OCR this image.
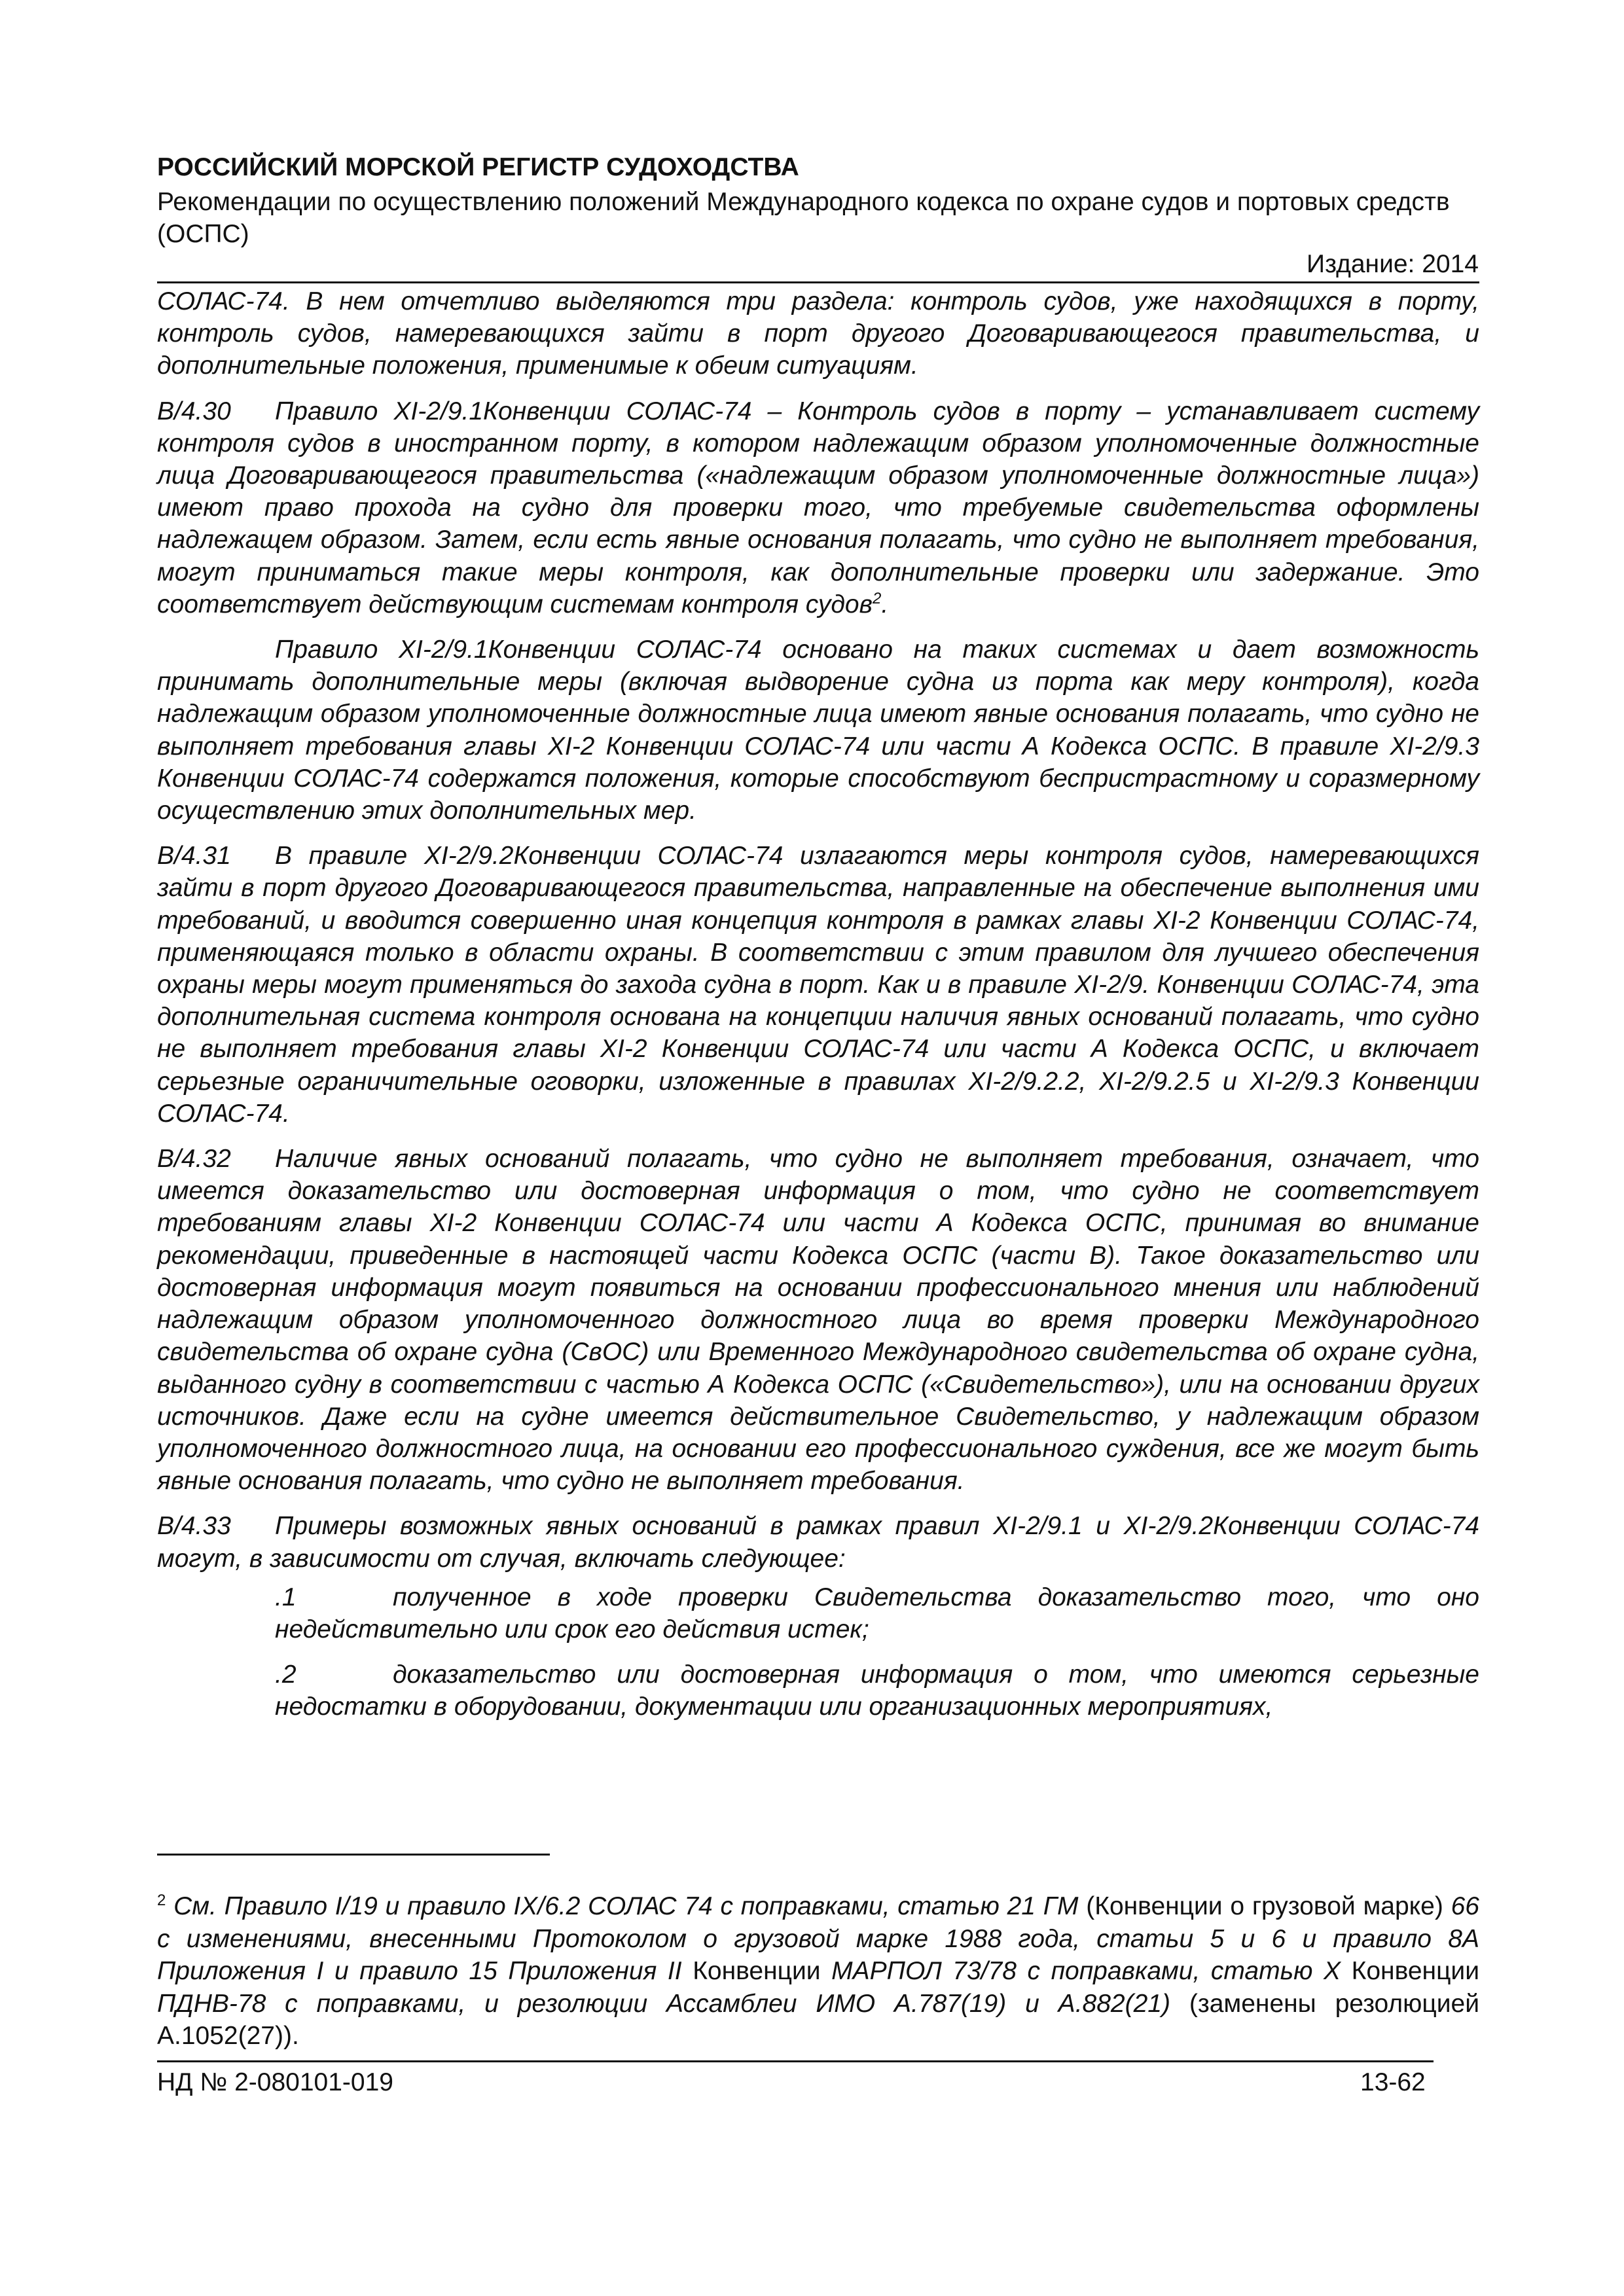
РОССИЙСКИЙ МОРСКОЙ РЕГИСТР СУДОХОДСТВА
Рекомендации по осуществлению положений Международного кодекса по охране судов и портовых средств (ОСПС)
Издание: 2014

СОЛАС-74. В нем отчетливо выделяются три раздела: контроль судов, уже находящихся в порту, контроль судов, намеревающихся зайти в порт другого Договаривающегося правительства, и дополнительные положения, применимые к обеим ситуациям.

B/4.30 Правило XI-2/9.1Конвенции СОЛАС-74 – Контроль судов в порту – устанавливает систему контроля судов в иностранном порту, в котором надлежащим образом уполномоченные должностные лица Договаривающегося правительства («надлежащим образом уполномоченные должностные лица») имеют право прохода на судно для проверки того, что требуемые свидетельства оформлены надлежащем образом. Затем, если есть явные основания полагать, что судно не выполняет требования, могут приниматься такие меры контроля, как дополнительные проверки или задержание. Это соответствует действующим системам контроля судов$^2$.

Правило XI-2/9.1Конвенции СОЛАС-74 основано на таких системах и дает возможность принимать дополнительные меры (включая выдворение судна из порта как меру контроля), когда надлежащим образом уполномоченные должностные лица имеют явные основания полагать, что судно не выполняет требования главы XI-2 Конвенции СОЛАС-74 или части А Кодекса ОСПС. В правиле XI-2/9.3 Конвенции СОЛАС-74 содержатся положения, которые способствуют беспристрастному и соразмерному осуществлению этих дополнительных мер.

B/4.31 В правиле XI-2/9.2Конвенции СОЛАС-74 излагаются меры контроля судов, намеревающихся зайти в порт другого Договаривающегося правительства, направленные на обеспечение выполнения ими требований, и вводится совершенно иная концепция контроля в рамках главы XI-2 Конвенции СОЛАС-74, применяющаяся только в области охраны. В соответствии с этим правилом для лучшего обеспечения охраны меры могут применяться до захода судна в порт. Как и в правиле XI-2/9. Конвенции СОЛАС-74, эта дополнительная система контроля основана на концепции наличия явных оснований полагать, что судно не выполняет требования главы XI-2 Конвенции СОЛАС-74 или части А Кодекса ОСПС, и включает серьезные ограничительные оговорки, изложенные в правилах XI-2/9.2.2, XI-2/9.2.5 и XI-2/9.3 Конвенции СОЛАС-74.

B/4.32 Наличие явных оснований полагать, что судно не выполняет требования, означает, что имеется доказательство или достоверная информация о том, что судно не соответствует требованиям главы XI-2 Конвенции СОЛАС-74 или части А Кодекса ОСПС, принимая во внимание рекомендации, приведенные в настоящей части Кодекса ОСПС (части В). Такое доказательство или достоверная информация могут появиться на основании профессионального мнения или наблюдений надлежащим образом уполномоченного должностного лица во время проверки Международного свидетельства об охране судна (СвОС) или Временного Международного свидетельства об охране судна, выданного судну в соответствии с частью А Кодекса ОСПС («Свидетельство»), или на основании других источников. Даже если на судне имеется действительное Свидетельство, у надлежащим образом уполномоченного должностного лица, на основании его профессионального суждения, все же могут быть явные основания полагать, что судно не выполняет требования.

B/4.33 Примеры возможных явных оснований в рамках правил XI-2/9.1 и XI-2/9.2Конвенции СОЛАС-74 могут, в зависимости от случая, включать следующее:

.1	полученное в ходе проверки Свидетельства доказательство того, что оно недействительно или срок его действия истек;

.2	доказательство или достоверная информация о том, что имеются серьезные недостатки в оборудовании, документации или организационных мероприятиях,

$^2$ См. Правило I/19 и правило IX/6.2 СОЛАС 74 с поправками, статью 21 ГМ (Конвенции о грузовой марке) 66 с изменениями, внесенными Протоколом о грузовой марке 1988 года, статьи 5 и 6 и правило 8А Приложения I и правило 15 Приложения II Конвенции МАРПОЛ 73/78 с поправками, статью Х Конвенции ПДНВ-78 с поправками, и резолюции Ассамблеи ИМО А.787(19) и А.882(21) (заменены резолюцией А.1052(27)).
НД № 2-080101-019	13-62
